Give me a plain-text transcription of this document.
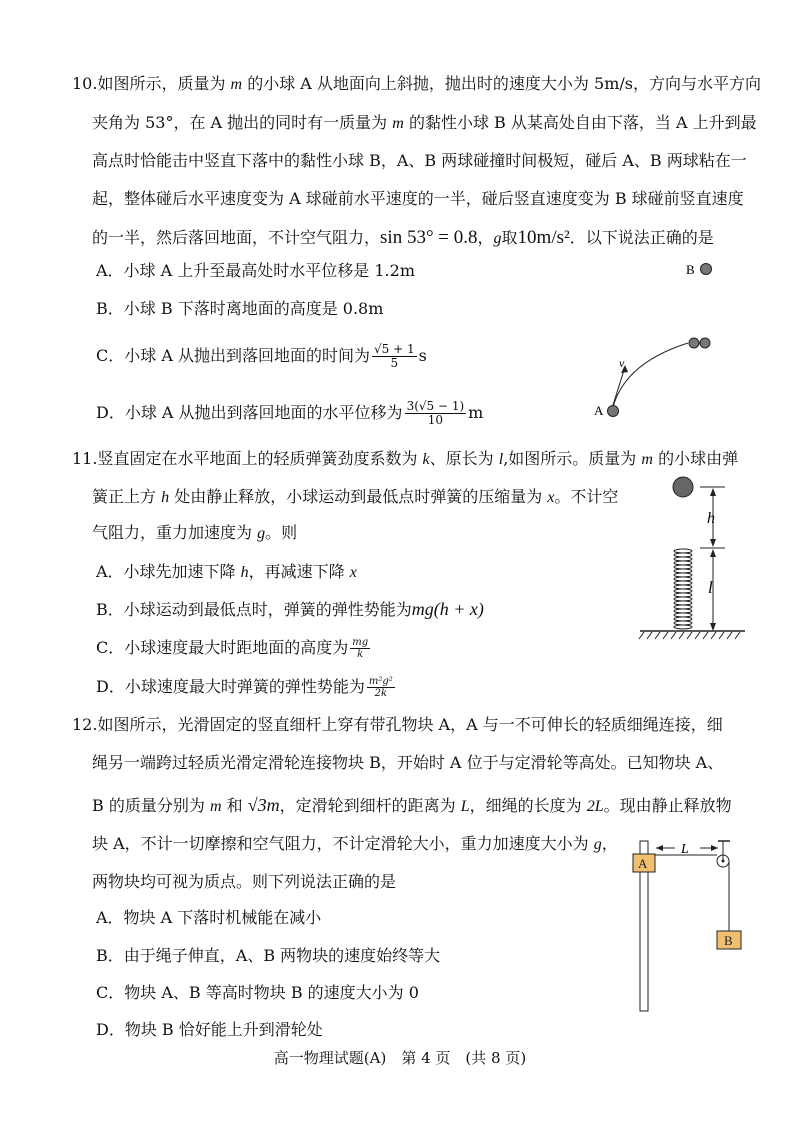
10.如图所示，质量为 m 的小球 A 从地面向上斜抛，抛出时的速度大小为 5m/s，方向与水平方向
夹角为 53°，在 A 抛出的同时有一质量为 m 的黏性小球 B 从某高处自由下落，当 A 上升到最
高点时恰能击中竖直下落中的黏性小球 B，A、B 两球碰撞时间极短，碰后 A、B 两球粘在一
起，整体碰后水平速度变为 A 球碰前水平速度的一半，碰后竖直速度变为 B 球碰前竖直速度
的一半，然后落回地面，不计空气阻力，sin 53° = 0.8，g取10m/s²．以下说法正确的是
A．小球 A 上升至最高处时水平位移是 1.2m
B．小球 B 下落时离地面的高度是 0.8m
C．小球 A 从抛出到落回地面的时间为 $\frac{√5 + 1}{5}$ s
D．小球 A 从抛出到落回地面的水平位移为 $\frac{3(√5 - 1)}{10}$ m
B
v
A
11.竖直固定在水平地面上的轻质弹簧劲度系数为 k、原长为 l,如图所示。质量为 m 的小球由弹
簧正上方 h 处由静止释放，小球运动到最低点时弹簧的压缩量为 x。不计空
气阻力，重力加速度为 g。则
A．小球先加速下降 h，再减速下降 x
B．小球运动到最低点时，弹簧的弹性势能为mg(h + x)
C．小球速度最大时距地面的高度为 $\frac{mg}{k}$
D．小球速度最大时弹簧的弹性势能为 $\frac{\text{m²g²}}{2k}$
h
l
12.如图所示，光滑固定的竖直细杆上穿有带孔物块 A，A 与一不可伸长的轻质细绳连接，细
绳另一端跨过轻质光滑定滑轮连接物块 B，开始时 A 位于与定滑轮等高处。已知物块 A、
B 的质量分别为 m 和 √3m，定滑轮到细杆的距离为 L，细绳的长度为 2L。现由静止释放物
块 A，不计一切摩擦和空气阻力，不计定滑轮大小，重力加速度大小为 g，
两物块均可视为质点。则下列说法正确的是
A．物块 A 下落时机械能在减小
B．由于绳子伸直，A、B 两物块的速度始终等大
C．物块 A、B 等高时物块 B 的速度大小为 0
D．物块 B 恰好能上升到滑轮处
A
B
L
高一物理试题(A)　第 4 页　(共 8 页)
